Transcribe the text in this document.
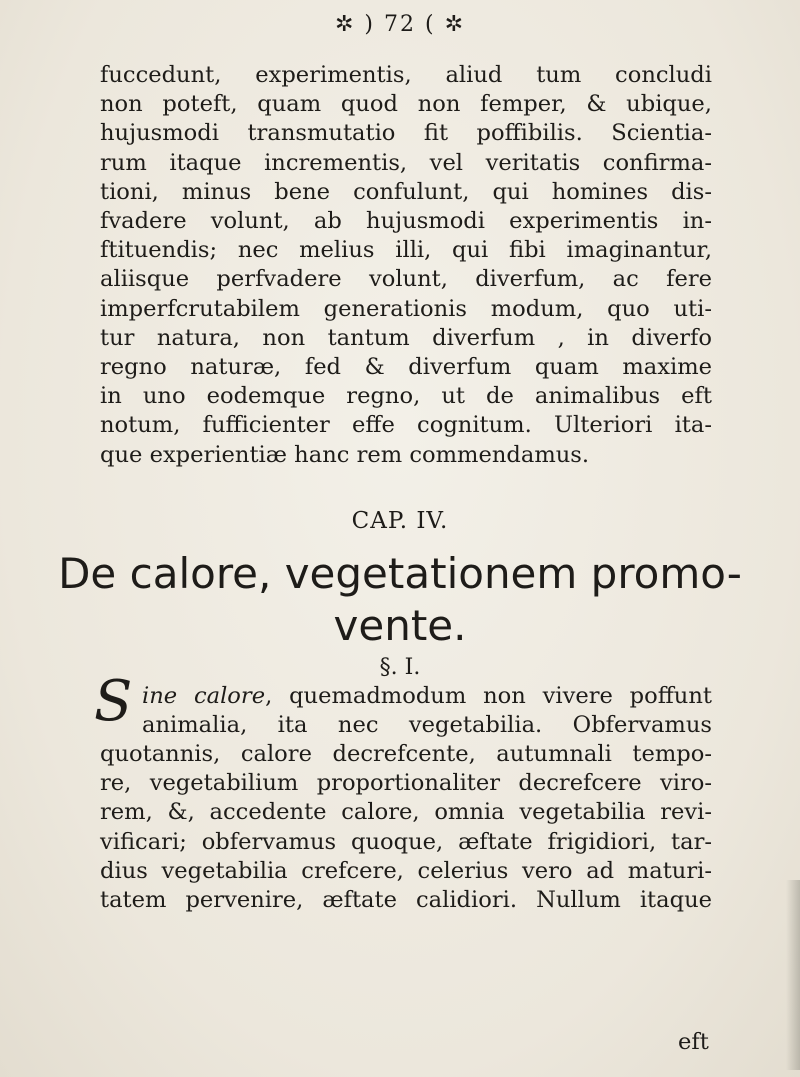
✲ ) 72 ( ✲
fuccedunt, experimentis, aliud tum concludi
non poteft, quam quod non femper, & ubique,
hujusmodi transmutatio fit poffibilis. Scientia-
rum itaque incrementis, vel veritatis confirma-
tioni, minus bene confulunt, qui homines dis-
fvadere volunt, ab hujusmodi experimentis in-
ftituendis; nec melius illi, qui fibi imaginantur,
aliisque perfvadere volunt, diverfum, ac fere
imperfcrutabilem generationis modum, quo uti-
tur natura, non tantum diverfum , in diverfo
regno naturæ, fed & diverfum quam maxime
in uno eodemque regno, ut de animalibus eft
notum, fufficienter effe cognitum. Ulteriori ita-
que experientiæ hanc rem commendamus.
CAP. IV.
De calore, vegetationem promo-
vente.
§. I.
S ine calore, quemadmodum non vivere poffunt
animalia, ita nec vegetabilia. Obfervamus
quotannis, calore decrefcente, autumnali tempo-
re, vegetabilium proportionaliter decrefcere viro-
rem, &, accedente calore, omnia vegetabilia revi-
vificari; obfervamus quoque, æftate frigidiori, tar-
dius vegetabilia crefcere, celerius vero ad maturi-
tatem pervenire, æftate calidiori. Nullum itaque
eft
